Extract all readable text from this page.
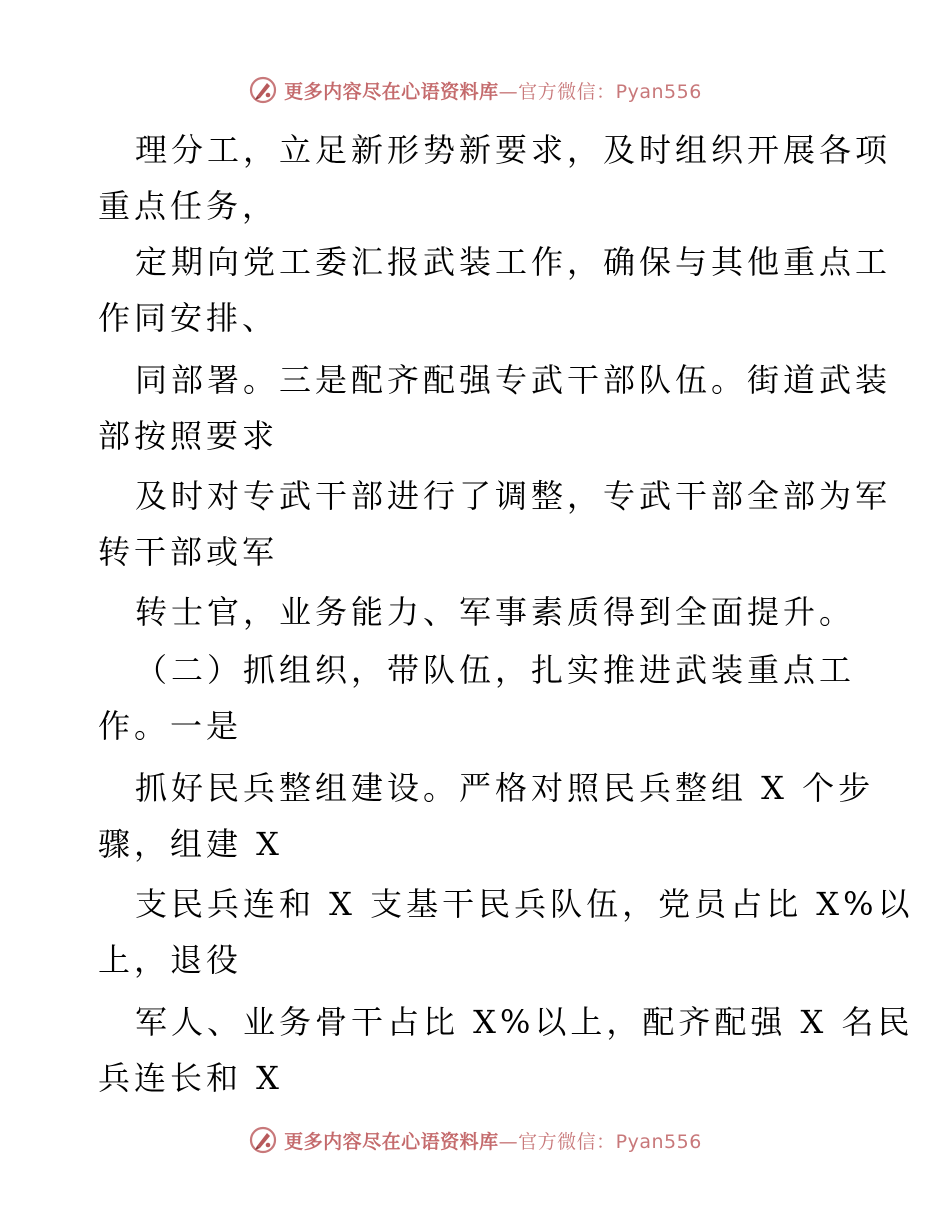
更多内容尽在心语资料库—官方微信：Pyan556
理分工，立足新形势新要求，及时组织开展各项
重点任务，
定期向党工委汇报武装工作，确保与其他重点工
作同安排、
同部署。三是配齐配强专武干部队伍。街道武装
部按照要求
及时对专武干部进行了调整，专武干部全部为军
转干部或军
转士官，业务能力、军事素质得到全面提升。
（二）抓组织，带队伍，扎实推进武装重点工
作。一是
抓好民兵整组建设。严格对照民兵整组 X 个步
骤，组建 X
支民兵连和 X 支基干民兵队伍，党员占比 X%以
上，退役
军人、业务骨干占比 X%以上，配齐配强 X 名民
兵连长和 X
更多内容尽在心语资料库—官方微信：Pyan556
